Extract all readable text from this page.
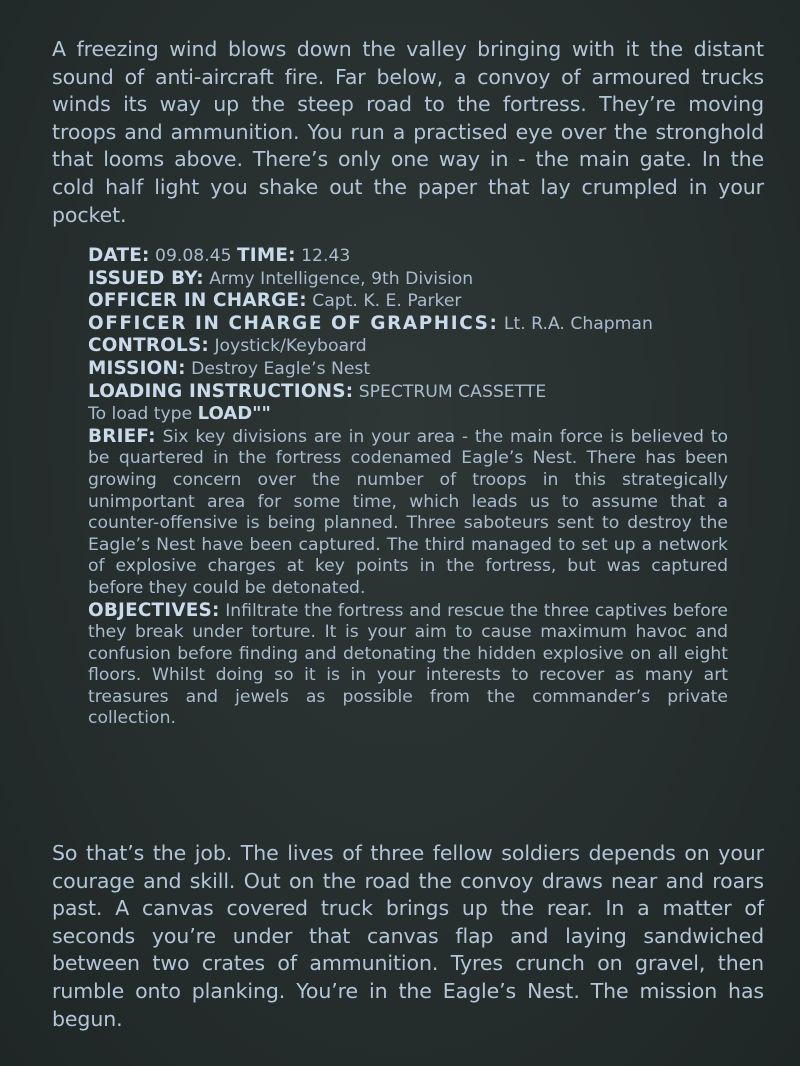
A freezing wind blows down the valley bringing with it the distant sound of anti-aircraft fire. Far below, a convoy of armoured trucks winds its way up the steep road to the fortress. They’re moving troops and ammunition. You run a practised eye over the stronghold that looms above. There’s only one way in - the main gate. In the cold half light you shake out the paper that lay crumpled in your pocket.

DATE: 09.08.45 TIME: 12.43

ISSUED BY: Army Intelligence, 9th Division

OFFICER IN CHARGE: Capt. K. E. Parker

OFFICER IN CHARGE OF GRAPHICS: Lt. R.A. Chapman

CONTROLS: Joystick/Keyboard

MISSION: Destroy Eagle’s Nest

LOADING INSTRUCTIONS: SPECTRUM CASSETTE

To load type LOAD""

BRIEF: Six key divisions are in your area - the main force is believed to be quartered in the fortress codenamed Eagle’s Nest. There has been growing concern over the number of troops in this strategically unimportant area for some time, which leads us to assume that a counter-offensive is being planned. Three saboteurs sent to destroy the Eagle’s Nest have been captured. The third managed to set up a network of explosive charges at key points in the fortress, but was captured before they could be detonated.

OBJECTIVES: Infiltrate the fortress and rescue the three captives before they break under torture. It is your aim to cause maximum havoc and confusion before finding and detonating the hidden explosive on all eight floors. Whilst doing so it is in your interests to recover as many art treasures and jewels as possible from the commander’s private collection.

So that’s the job. The lives of three fellow soldiers depends on your courage and skill. Out on the road the convoy draws near and roars past. A canvas covered truck brings up the rear. In a matter of seconds you’re under that canvas flap and laying sandwiched between two crates of ammunition. Tyres crunch on gravel, then rumble onto planking. You’re in the Eagle’s Nest. The mission has begun.
